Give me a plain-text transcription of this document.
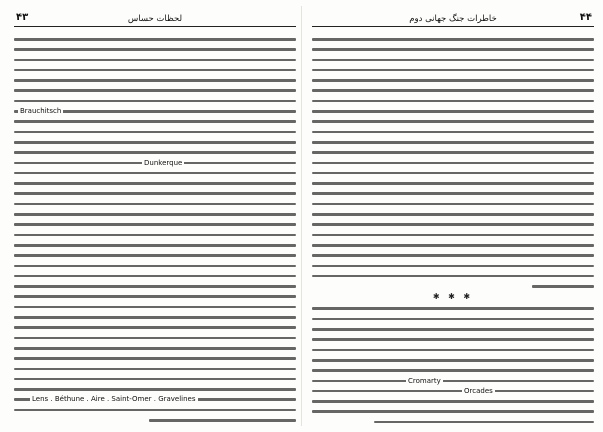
۴۳	لحظات حساس
Brauchitsch
Dunkerque
Lens . Béthune . Aire . Saint-Omer . Gravelines
۴۴
خاطرات جنگ جهانی دوم
✱ ✱ ✱
Cromarty
Orcades
